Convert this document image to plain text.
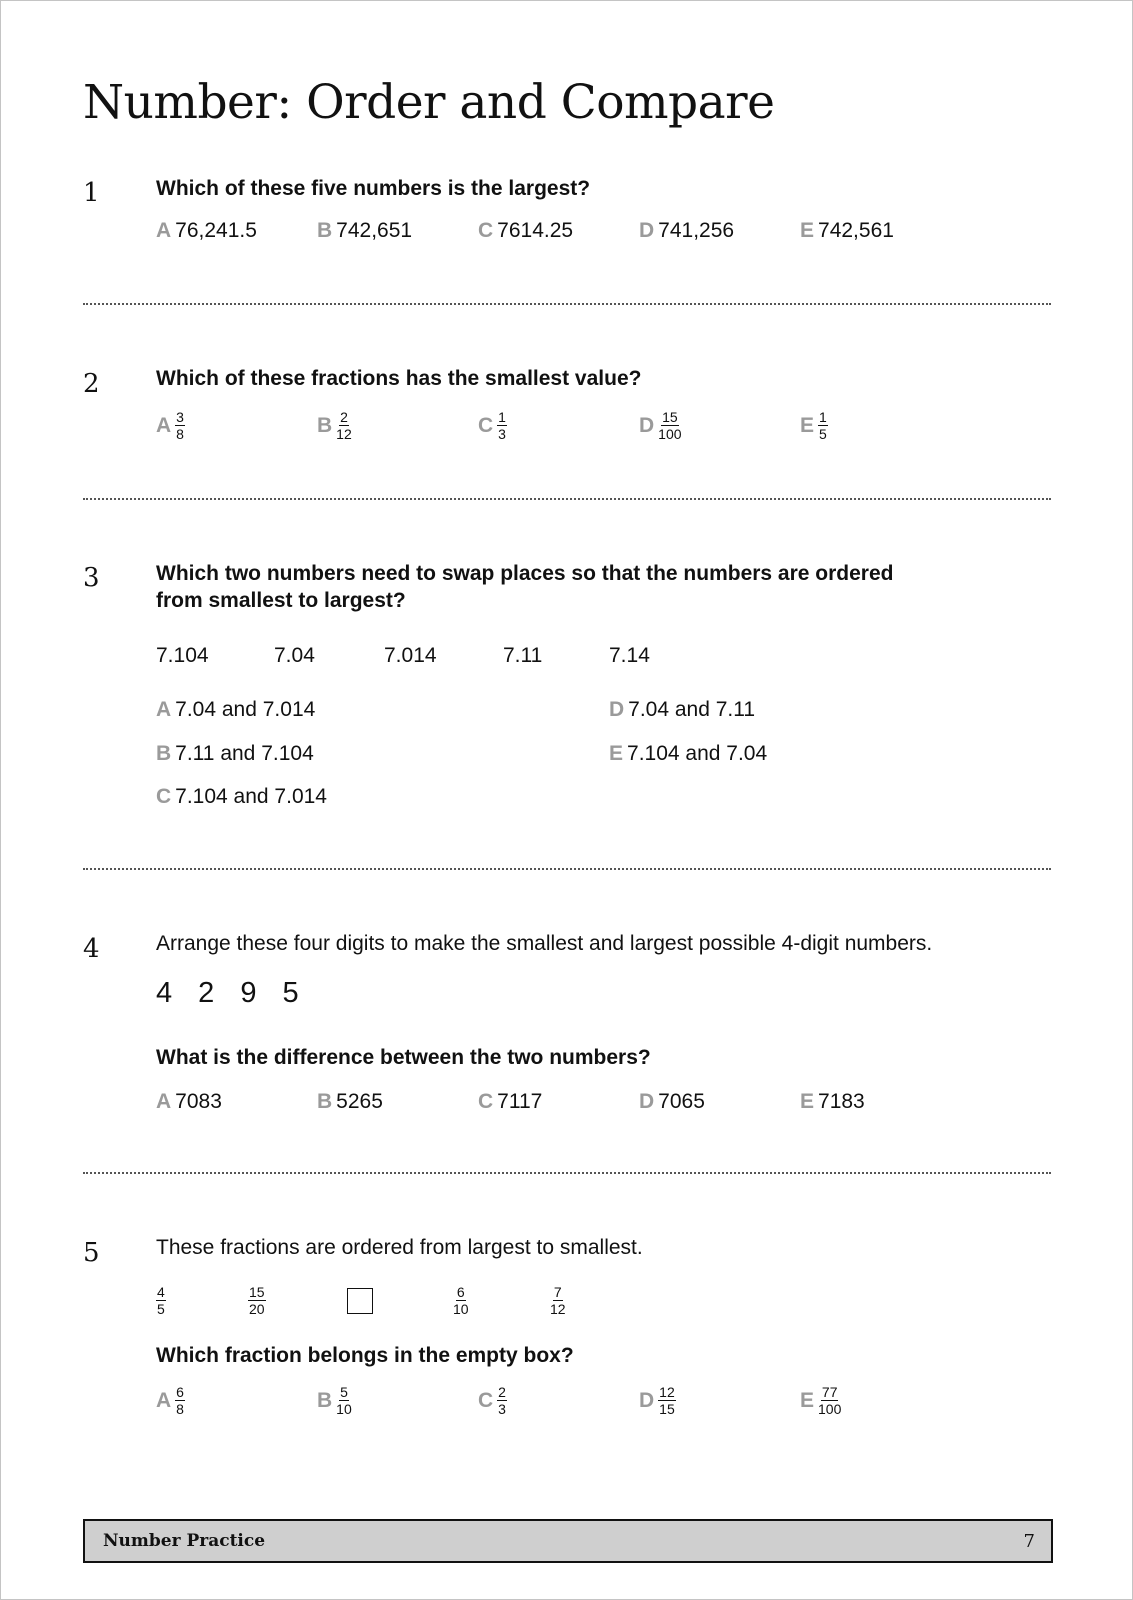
Number: Order and Compare
1	Which of these five numbers is the largest?
A 76,241.5	B 742,651	C 7614.25	D 741,256	E 742,561
2	Which of these fractions has the smallest value?
A $\frac{3}{8}$	B $\frac{2}{12}$	C $\frac{1}{3}$	D $\frac{15}{100}$	E $\frac{1}{5}$
3	Which two numbers need to swap places so that the numbers are ordered
from smallest to largest?
7.104	7.04	7.014	7.11	7.14
A 7.04 and 7.014
B 7.11 and 7.104
C 7.104 and 7.014
D 7.04 and 7.11
E 7.104 and 7.04
4	Arrange these four digits to make the smallest and largest possible 4-digit numbers.
4 2 9 5
What is the difference between the two numbers?
A 7083	B 5265	C 7117	D 7065	E 7183
5	These fractions are ordered from largest to smallest.
$\frac{4}{5}$	$\frac{15}{20}$	$\frac{6}{10}$	$\frac{7}{12}$
Which fraction belongs in the empty box?
A $\frac{6}{8}$	B $\frac{5}{10}$	C $\frac{2}{3}$	D $\frac{12}{15}$	E $\frac{77}{100}$
Number Practice	7
